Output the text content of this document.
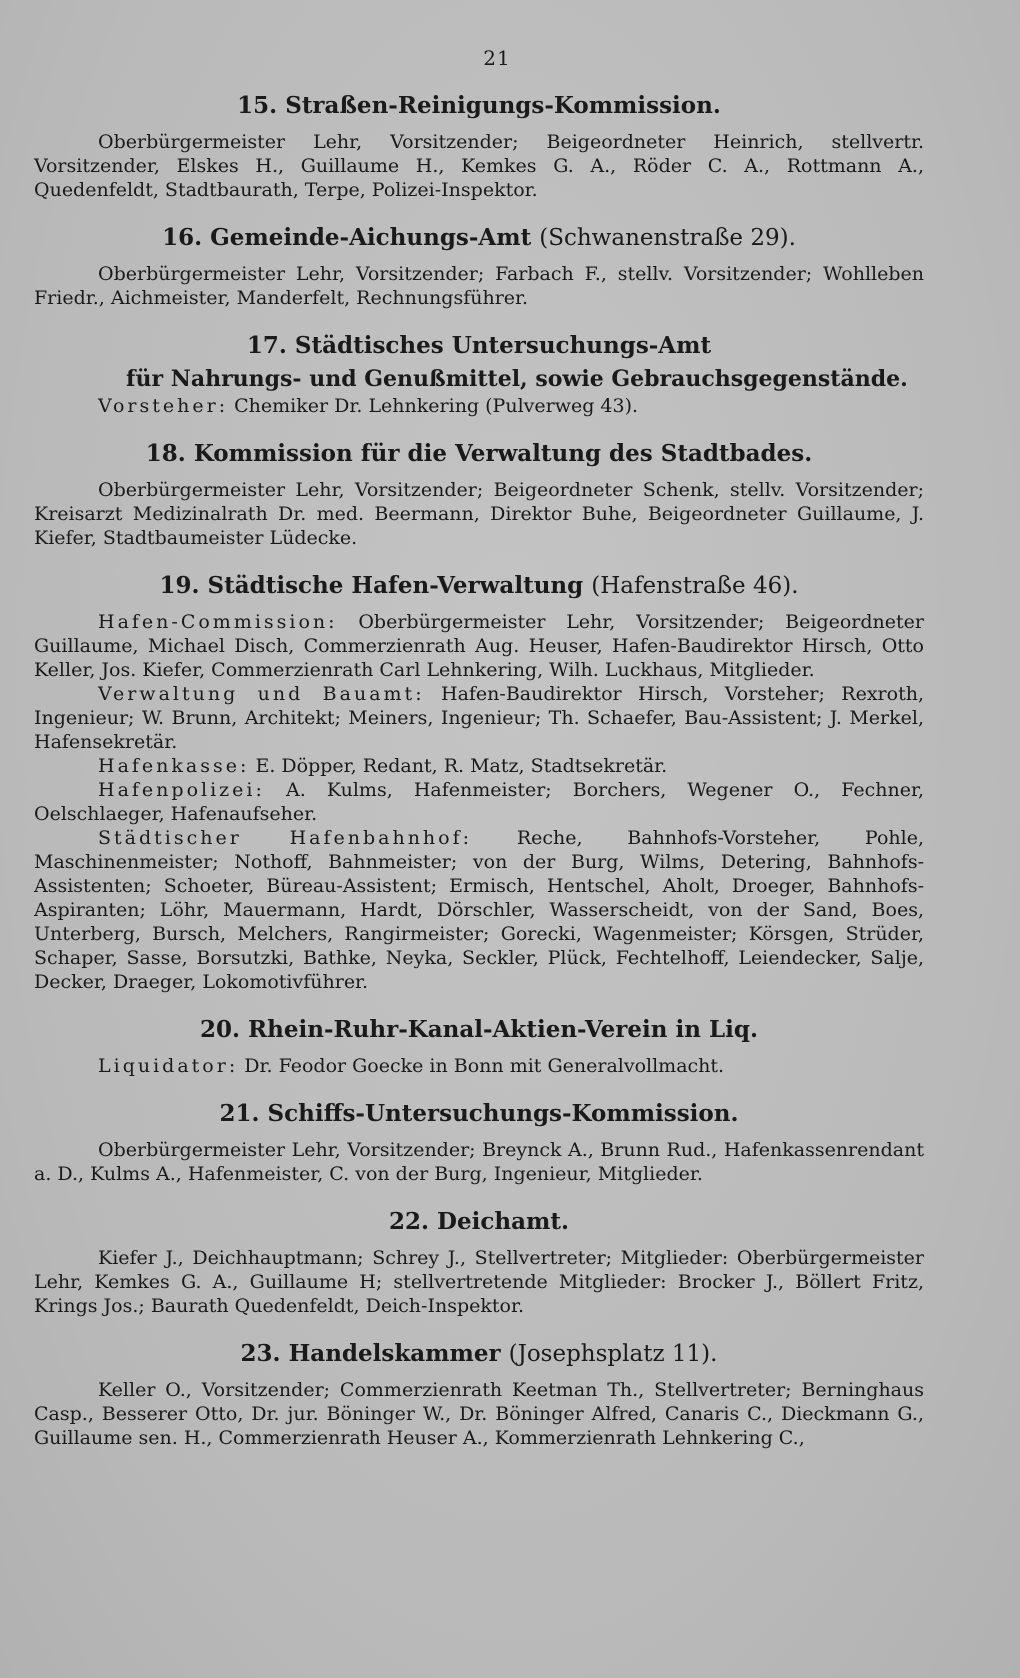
21
15. Straßen-Reinigungs-Kommission.

Oberbürgermeister Lehr, Vorsitzender; Beigeordneter Heinrich, stellvertr. Vorsitzender, Elskes H., Guillaume H., Kemkes G. A., Röder C. A., Rottmann A., Quedenfeldt, Stadtbaurath, Terpe, Polizei-Inspektor.

16. Gemeinde-Aichungs-Amt (Schwanenstraße 29).

Oberbürgermeister Lehr, Vorsitzender; Farbach F., stellv. Vorsitzender; Wohlleben Friedr., Aichmeister, Manderfelt, Rechnungsführer.

17. Städtisches Untersuchungs-Amt
für Nahrungs- und Genußmittel, sowie Gebrauchsgegenstände.

Vorsteher: Chemiker Dr. Lehnkering (Pulverweg 43).

18. Kommission für die Verwaltung des Stadtbades.

Oberbürgermeister Lehr, Vorsitzender; Beigeordneter Schenk, stellv. Vorsitzender; Kreisarzt Medizinalrath Dr. med. Beermann, Direktor Buhe, Beigeordneter Guillaume, J. Kiefer, Stadtbaumeister Lüdecke.

19. Städtische Hafen-Verwaltung (Hafenstraße 46).

Hafen-Commission: Oberbürgermeister Lehr, Vorsitzender; Beigeordneter Guillaume, Michael Disch, Commerzienrath Aug. Heuser, Hafen-Baudirektor Hirsch, Otto Keller, Jos. Kiefer, Commerzienrath Carl Lehnkering, Wilh. Luckhaus, Mitglieder.

Verwaltung und Bauamt: Hafen-Baudirektor Hirsch, Vorsteher; Rexroth, Ingenieur; W. Brunn, Architekt; Meiners, Ingenieur; Th. Schaefer, Bau-Assistent; J. Merkel, Hafensekretär.

Hafenkasse: E. Döpper, Redant, R. Matz, Stadtsekretär.

Hafenpolizei: A. Kulms, Hafenmeister; Borchers, Wegener O., Fechner, Oelschlaeger, Hafenaufseher.

Städtischer Hafenbahnhof: Reche, Bahnhofs-Vorsteher, Pohle, Maschinenmeister; Nothoff, Bahnmeister; von der Burg, Wilms, Detering, Bahnhofs-Assistenten; Schoeter, Büreau-Assistent; Ermisch, Hentschel, Aholt, Droeger, Bahnhofs-Aspiranten; Löhr, Mauermann, Hardt, Dörschler, Wasserscheidt, von der Sand, Boes, Unterberg, Bursch, Melchers, Rangirmeister; Gorecki, Wagenmeister; Körsgen, Strüder, Schaper, Sasse, Borsutzki, Bathke, Neyka, Seckler, Plück, Fechtelhoff, Leiendecker, Salje, Decker, Draeger, Lokomotivführer.

20. Rhein-Ruhr-Kanal-Aktien-Verein in Liq.

Liquidator: Dr. Feodor Goecke in Bonn mit Generalvollmacht.

21. Schiffs-Untersuchungs-Kommission.

Oberbürgermeister Lehr, Vorsitzender; Breynck A., Brunn Rud., Hafenkassenrendant a. D., Kulms A., Hafenmeister, C. von der Burg, Ingenieur, Mitglieder.

22. Deichamt.

Kiefer J., Deichhauptmann; Schrey J., Stellvertreter; Mitglieder: Oberbürgermeister Lehr, Kemkes G. A., Guillaume H; stellvertretende Mitglieder: Brocker J., Böllert Fritz, Krings Jos.; Baurath Quedenfeldt, Deich-Inspektor.

23. Handelskammer (Josephsplatz 11).

Keller O., Vorsitzender; Commerzienrath Keetman Th., Stellvertreter; Berninghaus Casp., Besserer Otto, Dr. jur. Böninger W., Dr. Böninger Alfred, Canaris C., Dieckmann G., Guillaume sen. H., Commerzienrath Heuser A., Kommerzienrath Lehnkering C.,
